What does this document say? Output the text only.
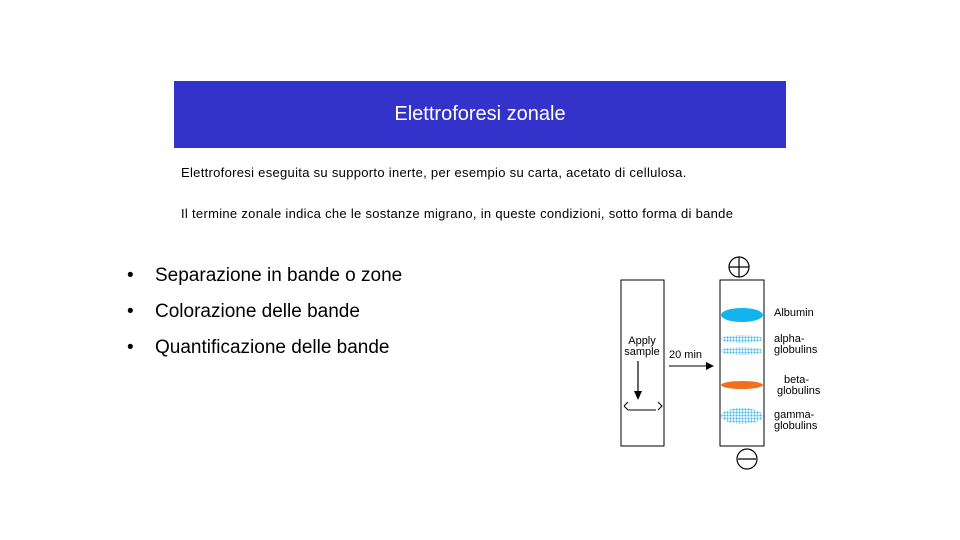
Elettroforesi zonale
Elettroforesi eseguita su supporto inerte, per esempio su carta, acetato di cellulosa.
Il termine zonale indica che le sostanze migrano, in queste condizioni, sotto forma di bande
•	Separazione in bande o zone
•	Colorazione delle bande
•	Quantificazione delle bande	Apply
sample 20 min
Albumin
alpha-
globulins
beta-
globulins
gamma-
globulins
